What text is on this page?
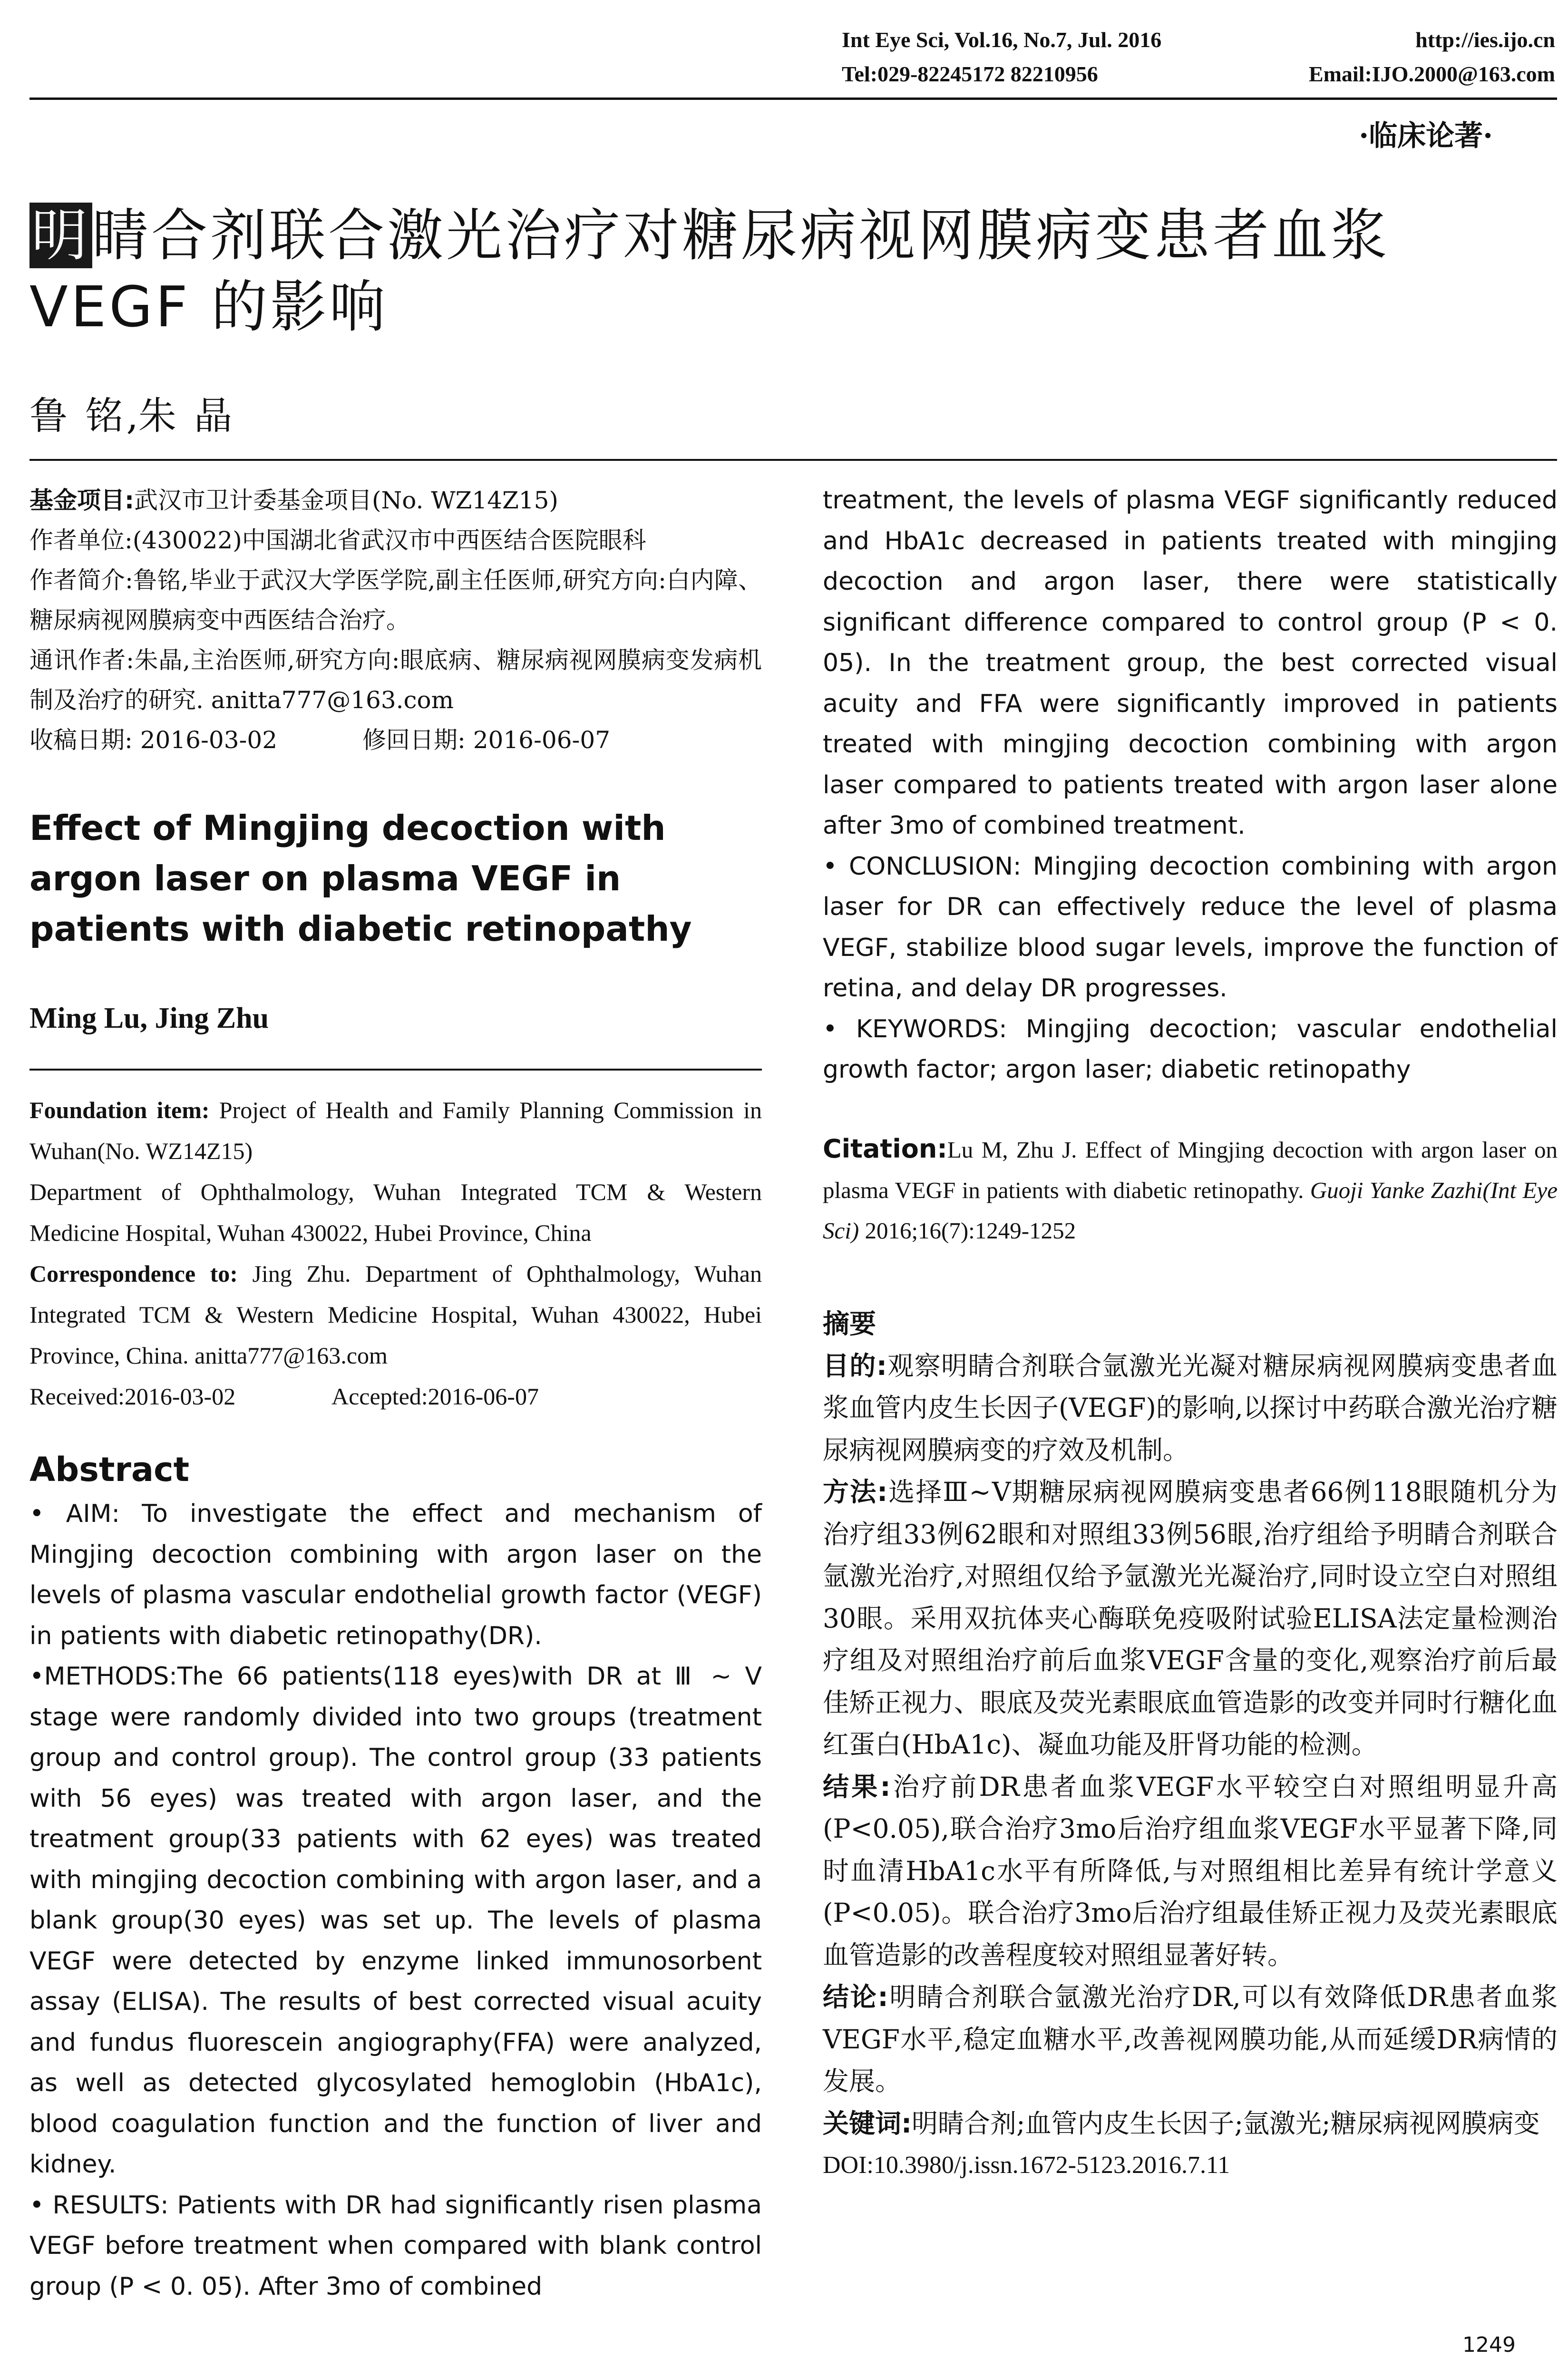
Int Eye Sci, Vol.16, No.7, Jul. 2016	http://ies.ijo.cn
Tel:029-82245172 82210956	Email:IJO.2000@163.com
·临床论著·
明睛合剂联合激光治疗对糖尿病视网膜病变患者血浆
VEGF 的影响
鲁 铭,朱 晶

基金项目:武汉市卫计委基金项目(No. WZ14Z15)

作者单位:(430022)中国湖北省武汉市中西医结合医院眼科

作者简介:鲁铭,毕业于武汉大学医学院,副主任医师,研究方向:白内障、糖尿病视网膜病变中西医结合治疗。

通讯作者:朱晶,主治医师,研究方向:眼底病、糖尿病视网膜病变发病机制及治疗的研究. anitta777@163.com

收稿日期: 2016-03-02	修回日期: 2016-06-07

Effect of Mingjing decoction with argon laser on plasma VEGF in patients with diabetic retinopathy
Ming Lu, Jing Zhu

Foundation item: Project of Health and Family Planning Commission in Wuhan(No. WZ14Z15)

Department of Ophthalmology, Wuhan Integrated TCM & Western Medicine Hospital, Wuhan 430022, Hubei Province, China

Correspondence to: Jing Zhu. Department of Ophthalmology, Wuhan Integrated TCM & Western Medicine Hospital, Wuhan 430022, Hubei Province, China. anitta777@163.com

Received:2016-03-02	Accepted:2016-06-07

Abstract

• AIM: To investigate the effect and mechanism of Mingjing decoction combining with argon laser on the levels of plasma vascular endothelial growth factor (VEGF) in patients with diabetic retinopathy(DR).

•METHODS:The 66 patients(118 eyes)with DR at Ⅲ ~ Ⅴ stage were randomly divided into two groups (treatment group and control group). The control group (33 patients with 56 eyes) was treated with argon laser, and the treatment group(33 patients with 62 eyes) was treated with mingjing decoction combining with argon laser, and a blank group(30 eyes) was set up. The levels of plasma VEGF were detected by enzyme linked immunosorbent assay (ELISA). The results of best corrected visual acuity and fundus fluorescein angiography(FFA) were analyzed, as well as detected glycosylated hemoglobin (HbA1c), blood coagulation function and the function of liver and kidney.

• RESULTS: Patients with DR had significantly risen plasma VEGF before treatment when compared with blank control group (P < 0. 05). After 3mo of combined

treatment, the levels of plasma VEGF significantly reduced and HbA1c decreased in patients treated with mingjing decoction and argon laser, there were statistically significant difference compared to control group (P < 0. 05). In the treatment group, the best corrected visual acuity and FFA were significantly improved in patients treated with mingjing decoction combining with argon laser compared to patients treated with argon laser alone after 3mo of combined treatment.

• CONCLUSION: Mingjing decoction combining with argon laser for DR can effectively reduce the level of plasma VEGF, stabilize blood sugar levels, improve the function of retina, and delay DR progresses.

• KEYWORDS: Mingjing decoction; vascular endothelial growth factor; argon laser; diabetic retinopathy

Citation:Lu M, Zhu J. Effect of Mingjing decoction with argon laser on plasma VEGF in patients with diabetic retinopathy. Guoji Yanke Zazhi(Int Eye Sci) 2016;16(7):1249-1252
摘要

目的:观察明睛合剂联合氩激光光凝对糖尿病视网膜病变患者血浆血管内皮生长因子(VEGF)的影响,以探讨中药联合激光治疗糖尿病视网膜病变的疗效及机制。

方法:选择Ⅲ~Ⅴ期糖尿病视网膜病变患者66例118眼随机分为治疗组33例62眼和对照组33例56眼,治疗组给予明睛合剂联合氩激光治疗,对照组仅给予氩激光光凝治疗,同时设立空白对照组30眼。采用双抗体夹心酶联免疫吸附试验ELISA法定量检测治疗组及对照组治疗前后血浆VEGF含量的变化,观察治疗前后最佳矫正视力、眼底及荧光素眼底血管造影的改变并同时行糖化血红蛋白(HbA1c)、凝血功能及肝肾功能的检测。

结果:治疗前DR患者血浆VEGF水平较空白对照组明显升高(P<0.05),联合治疗3mo后治疗组血浆VEGF水平显著下降,同时血清HbA1c水平有所降低,与对照组相比差异有统计学意义(P<0.05)。联合治疗3mo后治疗组最佳矫正视力及荧光素眼底血管造影的改善程度较对照组显著好转。

结论:明睛合剂联合氩激光治疗DR,可以有效降低DR患者血浆VEGF水平,稳定血糖水平,改善视网膜功能,从而延缓DR病情的发展。

关键词:明睛合剂;血管内皮生长因子;氩激光;糖尿病视网膜病变

DOI:10.3980/j.issn.1672-5123.2016.7.11

1249
